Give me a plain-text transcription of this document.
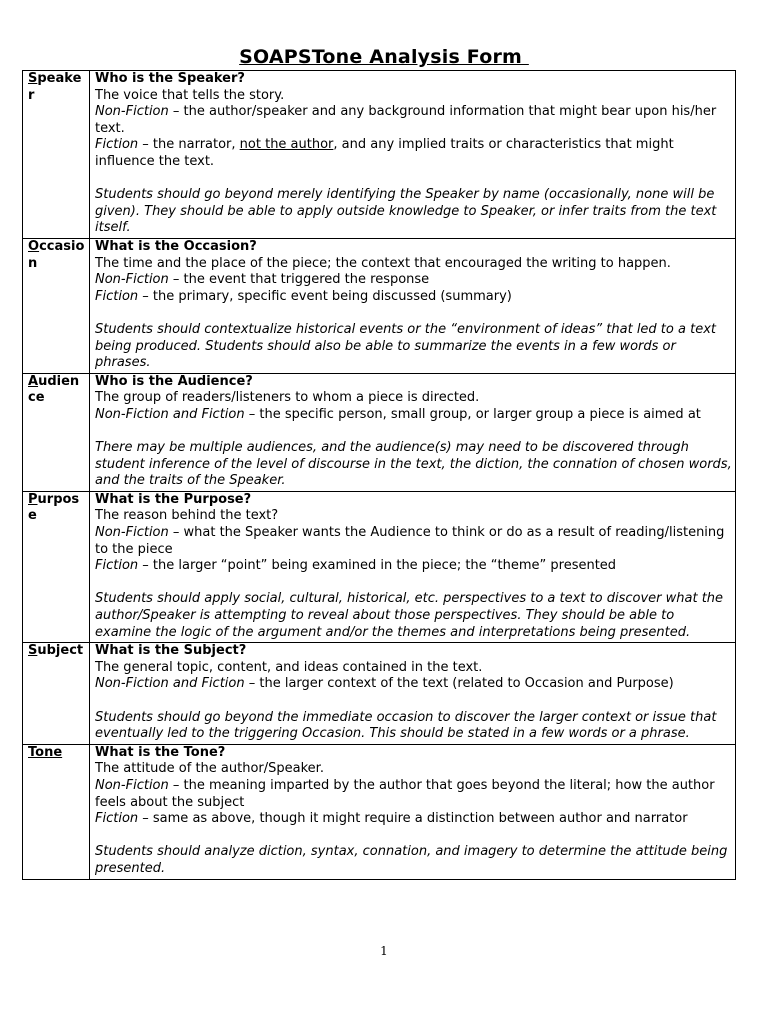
SOAPSTone Analysis Form
Speaker	Who is the Speaker?
The voice that tells the story.
Non-Fiction – the author/speaker and any background information that might bear upon his/her text.
Fiction – the narrator, not the author, and any implied traits or characteristics that might influence the text.
Students should go beyond merely identifying the Speaker by name (occasionally, none will be given). They should be able to apply outside knowledge to Speaker, or infer traits from the text itself.

Occasion	What is the Occasion?
The time and the place of the piece; the context that encouraged the writing to happen.
Non-Fiction – the event that triggered the response
Fiction – the primary, specific event being discussed (summary)
Students should contextualize historical events or the “environment of ideas” that led to a text being produced. Students should also be able to summarize the events in a few words or phrases.

Audience	Who is the Audience?
The group of readers/listeners to whom a piece is directed.
Non-Fiction and Fiction – the specific person, small group, or larger group a piece is aimed at
There may be multiple audiences, and the audience(s) may need to be discovered through student inference of the level of discourse in the text, the diction, the connation of chosen words, and the traits of the Speaker.

Purpose	What is the Purpose?
The reason behind the text?
Non-Fiction – what the Speaker wants the Audience to think or do as a result of reading/listening to the piece
Fiction – the larger “point” being examined in the piece; the “theme” presented
Students should apply social, cultural, historical, etc. perspectives to a text to discover what the author/Speaker is attempting to reveal about those perspectives. They should be able to examine the logic of the argument and/or the themes and interpretations being presented.

Subject	What is the Subject?
The general topic, content, and ideas contained in the text.
Non-Fiction and Fiction – the larger context of the text (related to Occasion and Purpose)
Students should go beyond the immediate occasion to discover the larger context or issue that eventually led to the triggering Occasion. This should be stated in a few words or a phrase.

Tone	What is the Tone?
The attitude of the author/Speaker.
Non-Fiction – the meaning imparted by the author that goes beyond the literal; how the author feels about the subject
Fiction – same as above, though it might require a distinction between author and narrator
Students should analyze diction, syntax, connation, and imagery to determine the attitude being presented.
1
